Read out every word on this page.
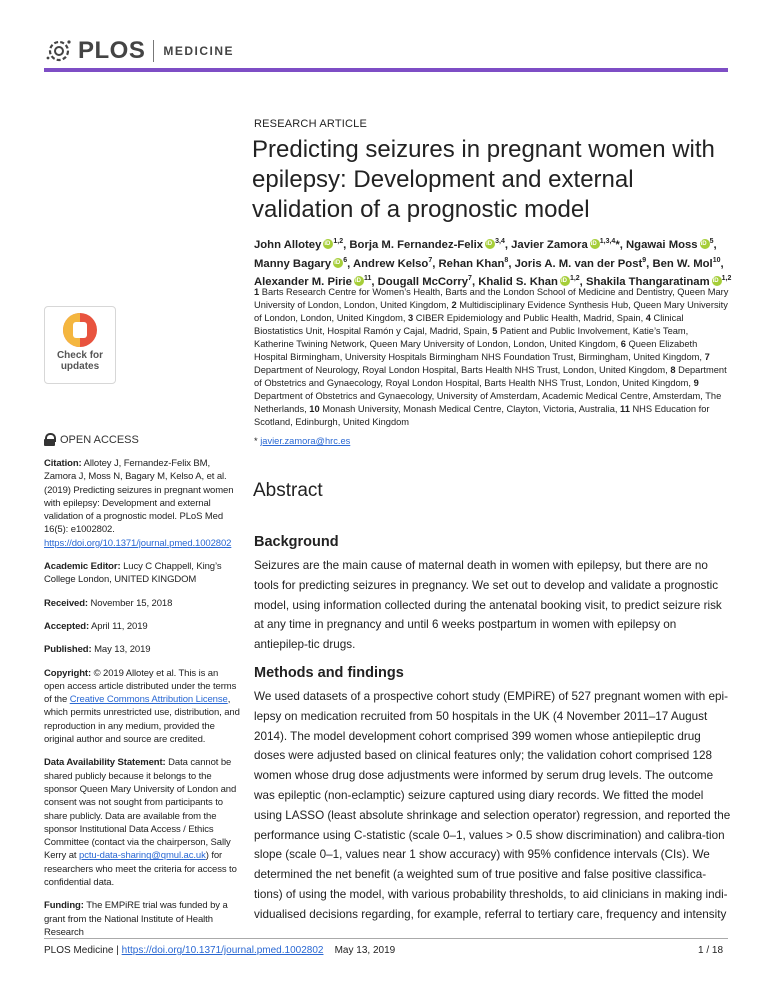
PLOS MEDICINE
RESEARCH ARTICLE
Predicting seizures in pregnant women with epilepsy: Development and external validation of a prognostic model
John Allotey iD $^{1,2}$, Borja M. Fernandez-Felix iD $^{3,4}$, Javier Zamora iD $^{1,3,4}$*, Ngawai Moss iD $^5$, Manny Bagary iD $^6$, Andrew Kelso$^7$, Rehan Khan$^8$, Joris A. M. van der Post$^9$, Ben W. Mol$^{10}$, Alexander M. Pirie iD $^{11}$, Dougall McCorry$^7$, Khalid S. KhaniD $^{1,2}$, Shakila Thangaratinam iD $^{1,2}$
1 Barts Research Centre for Women’s Health, Barts and the London School of Medicine and Dentistry, Queen Mary University of London, London, United Kingdom, 2 Multidisciplinary Evidence Synthesis Hub, Queen Mary University of London, London, United Kingdom, 3 CIBER Epidemiology and Public Health, Madrid, Spain, 4 Clinical Biostatistics Unit, Hospital Ramón y Cajal, Madrid, Spain, 5 Patient and Public Involvement, Katie’s Team, Katherine Twining Network, Queen Mary University of London, London, United Kingdom, 6 Queen Elizabeth Hospital Birmingham, University Hospitals Birmingham NHS Foundation Trust, Birmingham, United Kingdom, 7 Department of Neurology, Royal London Hospital, Barts Health NHS Trust, London, United Kingdom, 8 Department of Obstetrics and Gynaecology, Royal London Hospital, Barts Health NHS Trust, London, United Kingdom, 9 Department of Obstetrics and Gynaecology, University of Amsterdam, Academic Medical Centre, Amsterdam, The Netherlands, 10 Monash University, Monash Medical Centre, Clayton, Victoria, Australia, 11 NHS Education for Scotland, Edinburgh, United Kingdom
* javier.zamora@hrc.es
Check for
updates
OPEN ACCESS

Citation: Allotey J, Fernandez-Felix BM, Zamora J, Moss N, Bagary M, Kelso A, et al. (2019) Predicting seizures in pregnant women with epilepsy: Development and external validation of a prognostic model. PLoS Med 16(5): e1002802. https://doi.org/10.1371/journal.pmed.1002802

Academic Editor: Lucy C Chappell, King’s College London, UNITED KINGDOM

Received: November 15, 2018

Accepted: April 11, 2019

Published: May 13, 2019

Copyright: © 2019 Allotey et al. This is an open access article distributed under the terms of the Creative Commons Attribution License, which permits unrestricted use, distribution, and reproduction in any medium, provided the original author and source are credited.

Data Availability Statement: Data cannot be shared publicly because it belongs to the sponsor Queen Mary University of London and consent was not sought from participants to share publicly. Data are available from the sponsor Institutional Data Access / Ethics Committee (contact via the chairperson, Sally Kerry at pctu-data-sharing@qmul.ac.uk) for researchers who meet the criteria for access to confidential data.

Funding: The EMPiRE trial was funded by a grant from the National Institute of Health Research

Abstract
Background

Seizures are the main cause of maternal death in women with epilepsy, but there are no tools for predicting seizures in pregnancy. We set out to develop and validate a prognostic model, using information collected during the antenatal booking visit, to predict seizure risk at any time in pregnancy and until 6 weeks postpartum in women with epilepsy on antiepilep-tic drugs.

Methods and findings

We used datasets of a prospective cohort study (EMPiRE) of 527 pregnant women with epi-lepsy on medication recruited from 50 hospitals in the UK (4 November 2011–17 August 2014). The model development cohort comprised 399 women whose antiepileptic drug doses were adjusted based on clinical features only; the validation cohort comprised 128 women whose drug dose adjustments were informed by serum drug levels. The outcome was epileptic (non-eclamptic) seizure captured using diary records. We fitted the model using LASSO (least absolute shrinkage and selection operator) regression, and reported the performance using C-statistic (scale 0–1, values > 0.5 show discrimination) and calibra-tion slope (scale 0–1, values near 1 show accuracy) with 95% confidence intervals (CIs). We determined the net benefit (a weighted sum of true positive and false positive classifica-tions) of using the model, with various probability thresholds, to aid clinicians in making indi-vidualised decisions regarding, for example, referral to tertiary care, frequency and intensity

PLOS Medicine | https://doi.org/10.1371/journal.pmed.1002802 May 13, 2019	1 / 18
